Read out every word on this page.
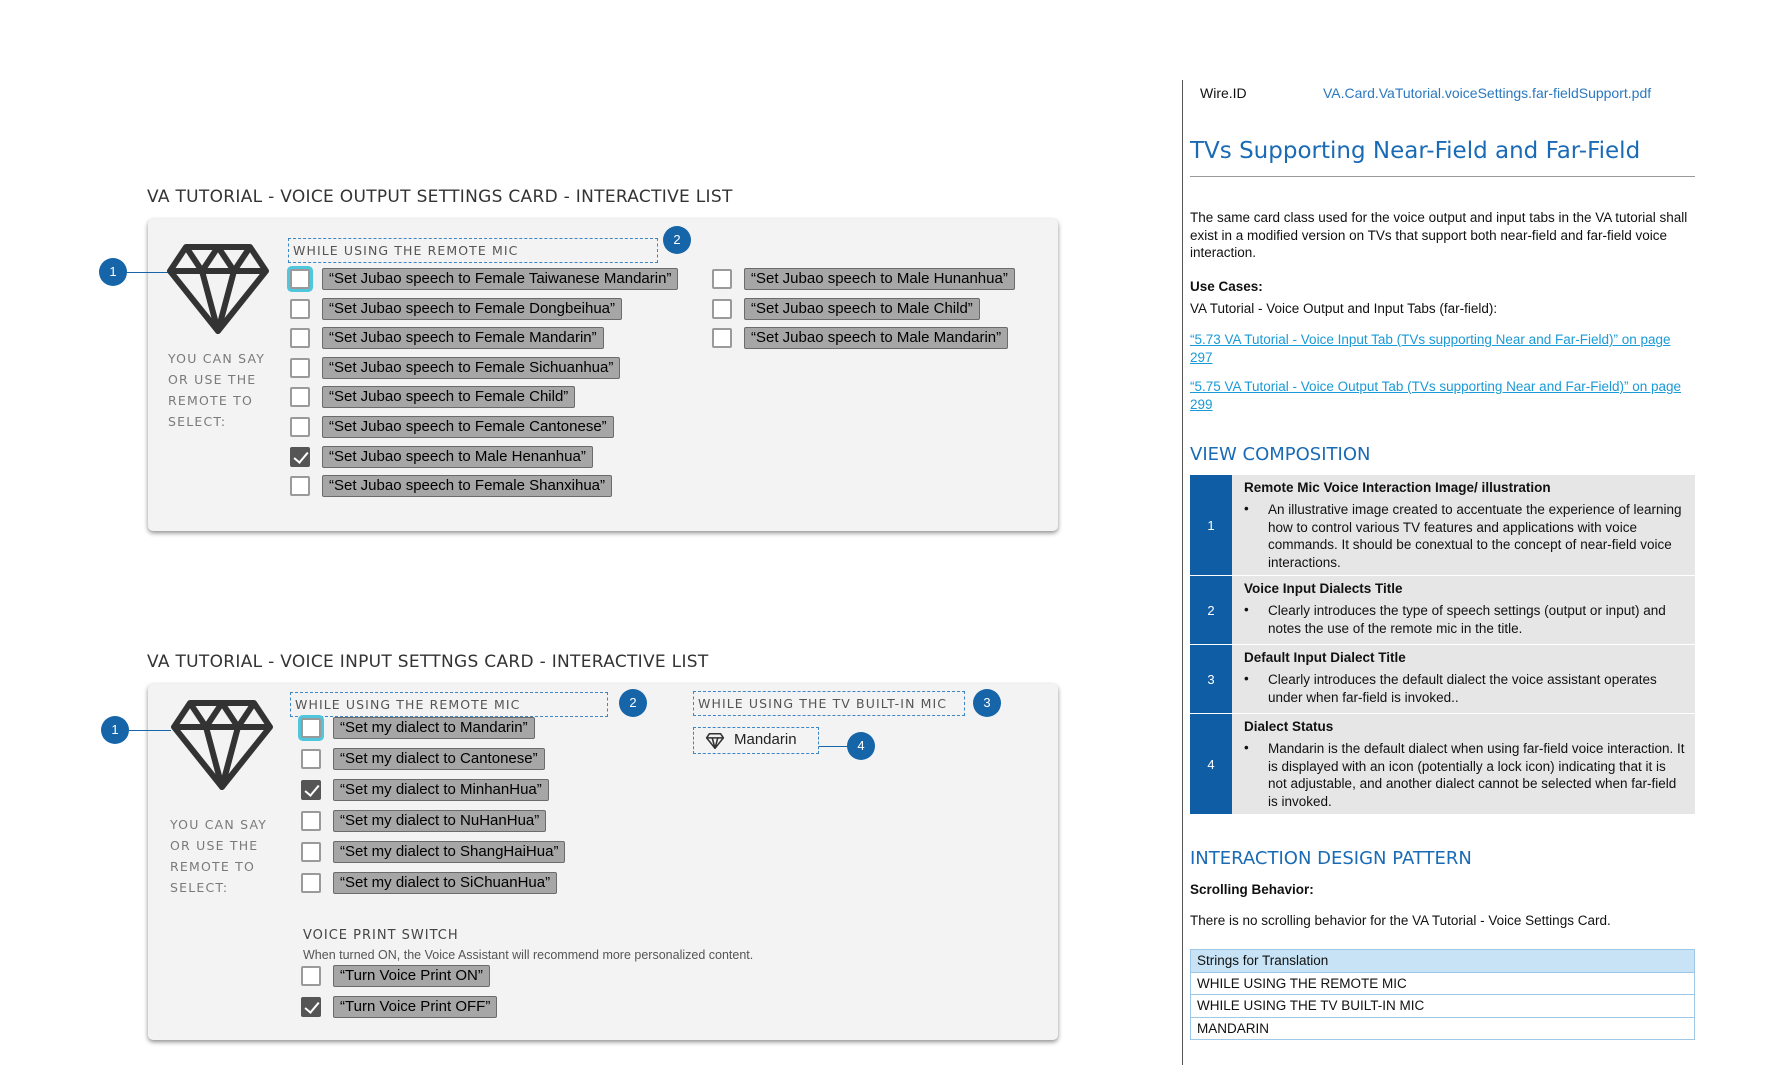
VA TUTORIAL - VOICE OUTPUT SETTINGS CARD - INTERACTIVE LIST
1
YOU CAN SAY
OR USE THE
REMOTE TO
SELECT:
WHILE USING THE REMOTE MIC
2
“Set Jubao speech to Female Taiwanese Mandarin”
“Set Jubao speech to Female Dongbeihua”
“Set Jubao speech to Female Mandarin”
“Set Jubao speech to Female Sichuanhua”
“Set Jubao speech to Female Child”
“Set Jubao speech to Female Cantonese”
“Set Jubao speech to Male Henanhua”
“Set Jubao speech to Female Shanxihua”
“Set Jubao speech to Male Hunanhua”
“Set Jubao speech to Male Child”
“Set Jubao speech to Male Mandarin”
VA TUTORIAL - VOICE INPUT SETTNGS CARD - INTERACTIVE LIST
1
YOU CAN SAY
OR USE THE
REMOTE TO
SELECT:
WHILE USING THE REMOTE MIC	2	WHILE USING THE TV BUILT-IN MIC	3
Mandarin	4
“Set my dialect to Mandarin”
“Set my dialect to Cantonese”
“Set my dialect to MinhanHua”
“Set my dialect to NuHanHua”
“Set my dialect to ShangHaiHua”
“Set my dialect to SiChuanHua”
VOICE PRINT SWITCH
When turned ON, the Voice Assistant will recommend more personalized content.
“Turn Voice Print ON”
“Turn Voice Print OFF”
Wire.ID	VA.Card.VaTutorial.voiceSettings.far-fieldSupport.pdf
TVs Supporting Near-Field and Far-Field
The same card class used for the voice output and input tabs in the VA tutorial shall exist in a modified version on TVs that support both near-field and far-field voice interaction.
Use Cases:
VA Tutorial - Voice Output and Input Tabs (far-field):
“5.73 VA Tutorial - Voice Input Tab (TVs supporting Near and Far-Field)” on page 297
“5.75 VA Tutorial - Voice Output Tab (TVs supporting Near and Far-Field)” on page 299
VIEW COMPOSITION
1
Remote Mic Voice Interaction Image/ illustration
• An illustrative image created to accentuate the experience of learning how to control various TV features and applications with voice commands. It should be conextual to the concept of near-field voice interactions.
2
Voice Input Dialects Title
• Clearly introduces the type of speech settings (output or input) and notes the use of the remote mic in the title.
3
Default Input Dialect Title
• Clearly introduces the default dialect the voice assistant operates under when far-field is invoked..
4
Dialect Status
• Mandarin is the default dialect when using far-field voice interaction. It is displayed with an icon (potentially a lock icon) indicating that it is not adjustable, and another dialect cannot be selected when far-field is invoked.
INTERACTION DESIGN PATTERN
Scrolling Behavior:
There is no scrolling behavior for the VA Tutorial - Voice Settings Card.
Strings for Translation
WHILE USING THE REMOTE MIC
WHILE USING THE TV BUILT-IN MIC
MANDARIN
